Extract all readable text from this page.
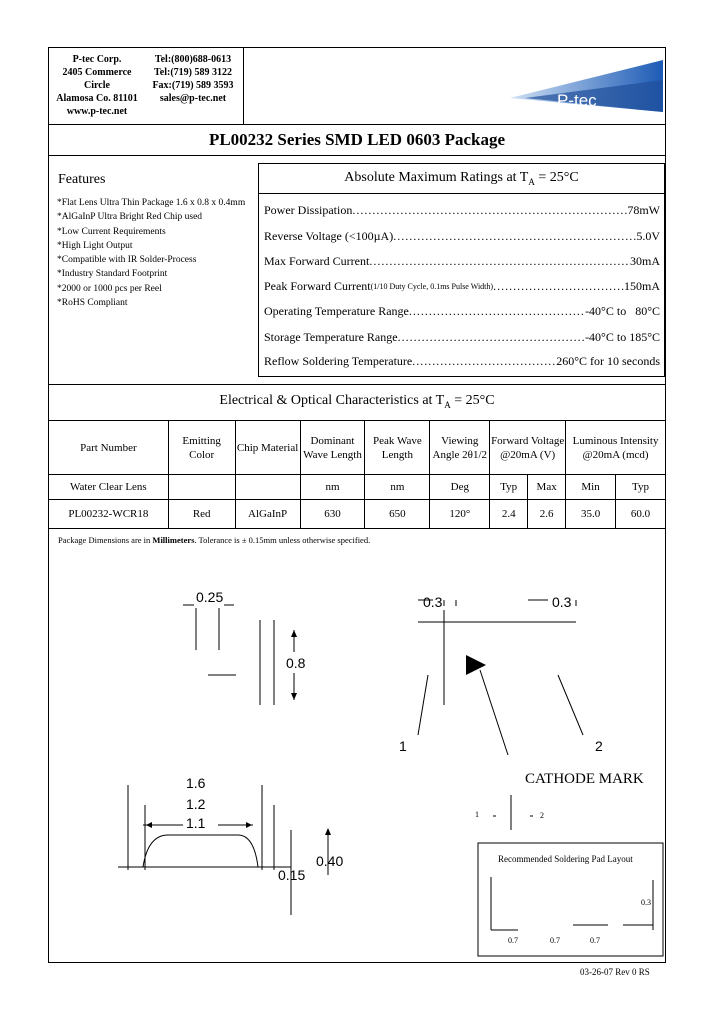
P-tec Corp.
2405 Commerce Circle
Alamosa Co. 81101
www.p-tec.net
Tel:(800)688-0613
Tel:(719) 589 3122
Fax:(719) 589 3593
sales@p-tec.net	P-tec
PL00232 Series SMD LED 0603 Package
Features
*Flat Lens Ultra Thin Package 1.6 x 0.8 x 0.4mm
*AlGaInP Ultra Bright Red Chip used
*Low Current Requirements
*High Light Output
*Compatible with IR Solder-Process
*Industry Standard Footprint
*2000 or 1000 pcs per Reel
*RoHS Compliant
Absolute Maximum Ratings at $T_A = 25^\circ C$
Power Dissipation .....	78mW
Reverse Voltage (<100µA) .....	5.0V
Max Forward Current .....	30mA
Peak Forward Current (1/10 Duty Cycle, 0.1ms Pulse Width) .....	150mA
Operating Temperature Range .....	-40°C to   80°C
Storage Temperature Range .....	-40°C to 185°C
Reflow Soldering Temperature .....	260°C for 10 seconds
Electrical & Optical Characteristics at $T_A = 25^\circ C$
Part Number	Emitting Color	Chip Material	Dominant Wave Length	Peak Wave Length	Viewing Angle 2θ1/2	Forward Voltage @20mA (V)		Luminous Intensity @20mA (mcd)	
Water Clear Lens			nm	nm	Deg	Typ	Max	Min	Typ
PL00232-WCR18	Red	AlGaInP	630	650	120°	2.4	2.6	35.0	60.0
Package Dimensions are in Millimeters. Tolerance is ± 0.15mm unless otherwise specified.
0.25
0.8
0.3	0.3
1	2
CATHODE MARK
1	2
1.6
1.2
1.1
0.40
0.15
Recommended Soldering Pad Layout
0.3
0.7	0.7	0.7
03-26-07 Rev 0 RS
